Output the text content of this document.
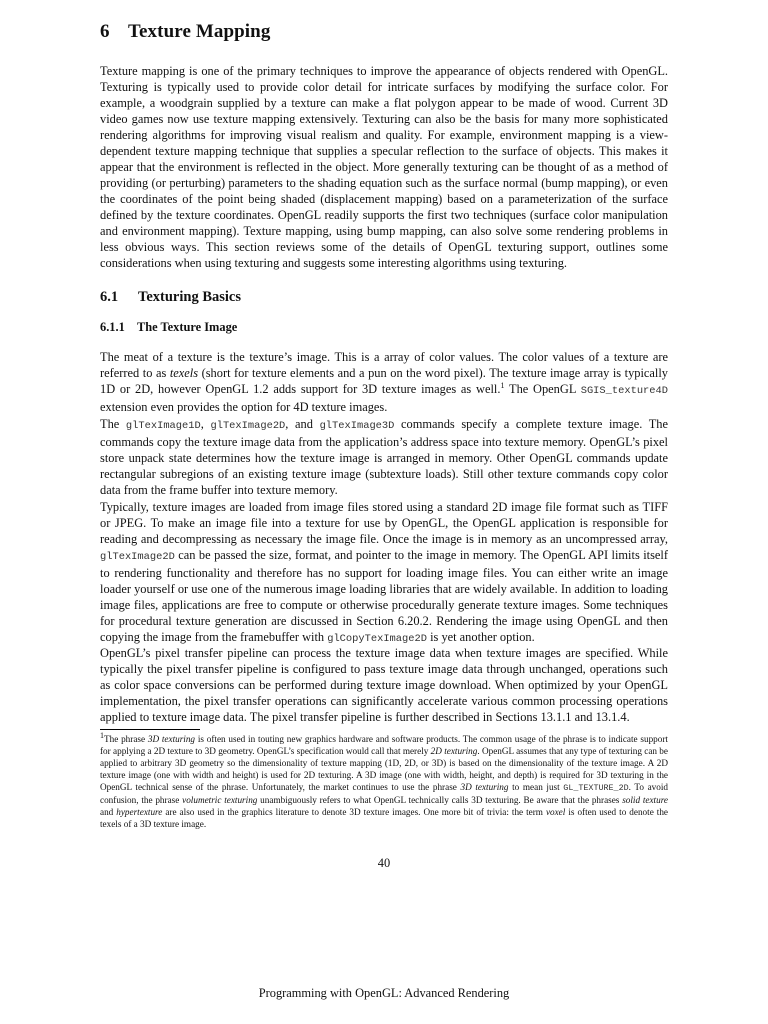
6 Texture Mapping

Texture mapping is one of the primary techniques to improve the appearance of objects rendered with OpenGL. Texturing is typically used to provide color detail for intricate surfaces by modifying the surface color. For example, a woodgrain supplied by a texture can make a flat polygon appear to be made of wood. Current 3D video games now use texture mapping extensively. Texturing can also be the basis for many more sophisticated rendering algorithms for improving visual realism and quality. For example, environment mapping is a view-dependent texture mapping technique that supplies a specular reflection to the surface of objects. This makes it appear that the environment is reflected in the object. More generally texturing can be thought of as a method of providing (or perturbing) parameters to the shading equation such as the surface normal (bump mapping), or even the coordinates of the point being shaded (displacement mapping) based on a parameterization of the surface defined by the texture coordinates. OpenGL readily supports the first two techniques (surface color manipulation and environment mapping). Texture mapping, using bump mapping, can also solve some rendering problems in less obvious ways. This section reviews some of the details of OpenGL texturing support, outlines some considerations when using texturing and suggests some interesting algorithms using texturing.

6.1 Texturing Basics
6.1.1 The Texture Image

The meat of a texture is the texture’s image. This is a array of color values. The color values of a texture are referred to as texels (short for texture elements and a pun on the word pixel). The texture image array is typically 1D or 2D, however OpenGL 1.2 adds support for 3D texture images as well.$^1$ The OpenGL SGIS_texture4D extension even provides the option for 4D texture images.

The glTexImage1D, glTexImage2D, and glTexImage3D commands specify a complete texture image. The commands copy the texture image data from the application’s address space into texture memory. OpenGL’s pixel store unpack state determines how the texture image is arranged in memory. Other OpenGL commands update rectangular subregions of an existing texture image (subtexture loads). Still other texture commands copy color data from the frame buffer into texture memory.

Typically, texture images are loaded from image files stored using a standard 2D image file format such as TIFF or JPEG. To make an image file into a texture for use by OpenGL, the OpenGL application is responsible for reading and decompressing as necessary the image file. Once the image is in memory as an uncompressed array, glTexImage2D can be passed the size, format, and pointer to the image in memory. The OpenGL API limits itself to rendering functionality and therefore has no support for loading image files. You can either write an image loader yourself or use one of the numerous image loading libraries that are widely available. In addition to loading image files, applications are free to compute or otherwise procedurally generate texture images. Some techniques for procedural texture generation are discussed in Section 6.20.2. Rendering the image using OpenGL and then copying the image from the framebuffer with glCopyTexImage2D is yet another option.

OpenGL’s pixel transfer pipeline can process the texture image data when texture images are specified. While typically the pixel transfer pipeline is configured to pass texture image data through unchanged, operations such as color space conversions can be performed during texture image download. When optimized by your OpenGL implementation, the pixel transfer operations can significantly accelerate various common processing operations applied to texture image data. The pixel transfer pipeline is further described in Sections 13.1.1 and 13.1.4.

$^1$The phrase 3D texturing is often used in touting new graphics hardware and software products. The common usage of the phrase is to indicate support for applying a 2D texture to 3D geometry. OpenGL’s specification would call that merely 2D texturing. OpenGL assumes that any type of texturing can be applied to arbitrary 3D geometry so the dimensionality of texture mapping (1D, 2D, or 3D) is based on the dimensionality of the texture image. A 2D texture image (one with width and height) is used for 2D texturing. A 3D image (one with width, height, and depth) is required for 3D texturing in the OpenGL technical sense of the phrase. Unfortunately, the market continues to use the phrase 3D texturing to mean just GL_TEXTURE_2D. To avoid confusion, the phrase volumetric texturing unambiguously refers to what OpenGL technically calls 3D texturing. Be aware that the phrases solid texture and hypertexture are also used in the graphics literature to denote 3D texture images. One more bit of trivia: the term voxel is often used to denote the texels of a 3D texture image.

40
Programming with OpenGL: Advanced Rendering
